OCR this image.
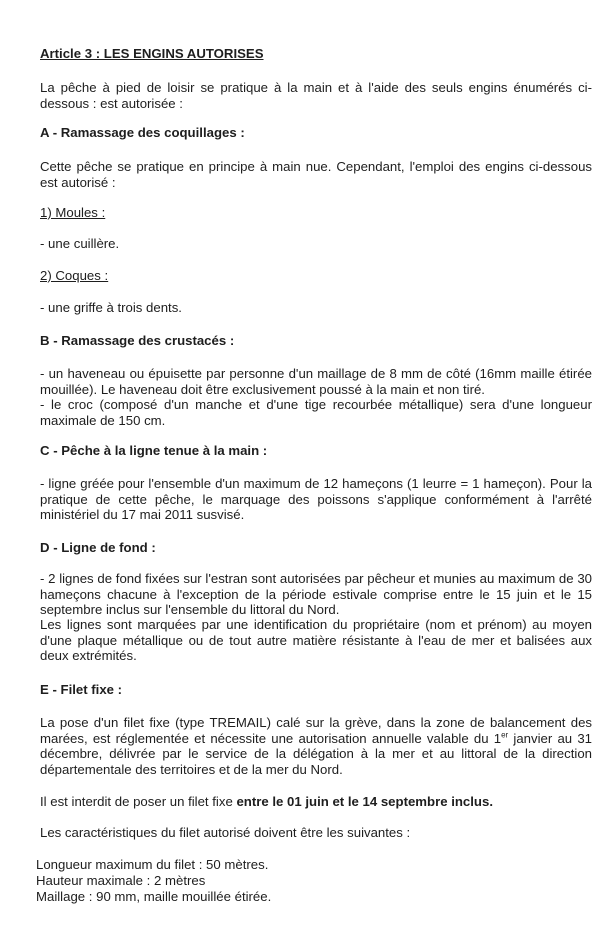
Article 3 : LES ENGINS AUTORISES
La pêche à pied de loisir se pratique à la main et à l'aide des seuls engins énumérés ci-dessous : est autorisée :
A - Ramassage des coquillages :
Cette pêche se pratique en principe à main nue. Cependant, l'emploi des engins ci-dessous est autorisé :
1) Moules :
- une cuillère.
2) Coques :
- une griffe à trois dents.
B - Ramassage des crustacés :
- un haveneau ou épuisette par personne d'un maillage de 8 mm de côté (16mm maille étirée mouillée). Le haveneau doit être exclusivement poussé à la main et non tiré.
- le croc (composé d'un manche et d'une tige recourbée métallique) sera d'une longueur maximale de 150 cm.
C - Pêche à la ligne tenue à la main :
- ligne gréée pour l'ensemble d'un maximum de 12 hameçons (1 leurre = 1 hameçon). Pour la pratique de cette pêche, le marquage des poissons s'applique conformément à l'arrêté ministériel du 17 mai 2011 susvisé.
D - Ligne de fond :
- 2 lignes de fond fixées sur l'estran sont autorisées par pêcheur et munies au maximum de 30 hameçons chacune à l'exception de la période estivale comprise entre le 15 juin et le 15 septembre inclus sur l'ensemble du littoral du Nord.
Les lignes sont marquées par une identification du propriétaire (nom et prénom) au moyen d'une plaque métallique ou de tout autre matière résistante à l'eau de mer et balisées aux deux extrémités.
E - Filet fixe :
La pose d'un filet fixe (type TREMAIL) calé sur la grève, dans la zone de balancement des marées, est réglementée et nécessite une autorisation annuelle valable du 1er janvier au 31 décembre, délivrée par le service de la délégation à la mer et au littoral de la direction départementale des territoires et de la mer du Nord.
Il est interdit de poser un filet fixe entre le 01 juin et le 14 septembre inclus.
Les caractéristiques du filet autorisé doivent être les suivantes :
Longueur maximum du filet : 50 mètres.
Hauteur maximale : 2 mètres
Maillage : 90 mm, maille mouillée étirée.
